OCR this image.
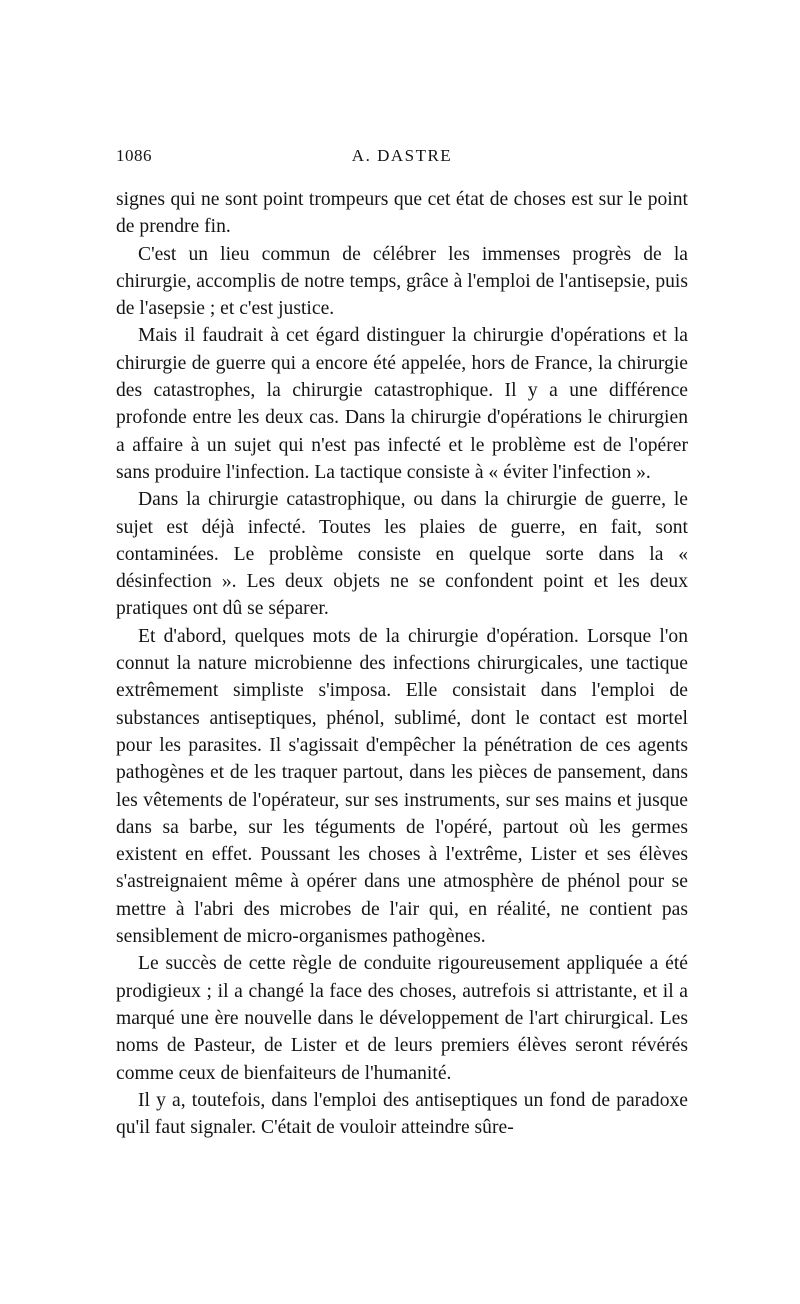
1086	A. DASTRE

signes qui ne sont point trompeurs que cet état de choses est sur le point de prendre fin.

C'est un lieu commun de célébrer les immenses progrès de la chirurgie, accomplis de notre temps, grâce à l'emploi de l'antisepsie, puis de l'asepsie ; et c'est justice.

Mais il faudrait à cet égard distinguer la chirurgie d'opérations et la chirurgie de guerre qui a encore été appelée, hors de France, la chirurgie des catastrophes, la chirurgie catastrophique. Il y a une différence profonde entre les deux cas. Dans la chirurgie d'opérations le chirurgien a affaire à un sujet qui n'est pas infecté et le problème est de l'opérer sans produire l'infection. La tactique consiste à « éviter l'infection ».

Dans la chirurgie catastrophique, ou dans la chirurgie de guerre, le sujet est déjà infecté. Toutes les plaies de guerre, en fait, sont contaminées. Le problème consiste en quelque sorte dans la « désinfection ». Les deux objets ne se confondent point et les deux pratiques ont dû se séparer.

Et d'abord, quelques mots de la chirurgie d'opération. Lorsque l'on connut la nature microbienne des infections chirurgicales, une tactique extrêmement simpliste s'imposa. Elle consistait dans l'emploi de substances antiseptiques, phénol, sublimé, dont le contact est mortel pour les parasites. Il s'agissait d'empêcher la pénétration de ces agents pathogènes et de les traquer partout, dans les pièces de pansement, dans les vêtements de l'opérateur, sur ses instruments, sur ses mains et jusque dans sa barbe, sur les téguments de l'opéré, partout où les germes existent en effet. Poussant les choses à l'extrême, Lister et ses élèves s'astreignaient même à opérer dans une atmosphère de phénol pour se mettre à l'abri des microbes de l'air qui, en réalité, ne contient pas sensiblement de micro-organismes pathogènes.

Le succès de cette règle de conduite rigoureusement appliquée a été prodigieux ; il a changé la face des choses, autrefois si attristante, et il a marqué une ère nouvelle dans le développement de l'art chirurgical. Les noms de Pasteur, de Lister et de leurs premiers élèves seront révérés comme ceux de bienfaiteurs de l'humanité.

Il y a, toutefois, dans l'emploi des antiseptiques un fond de paradoxe qu'il faut signaler. C'était de vouloir atteindre sûre-
